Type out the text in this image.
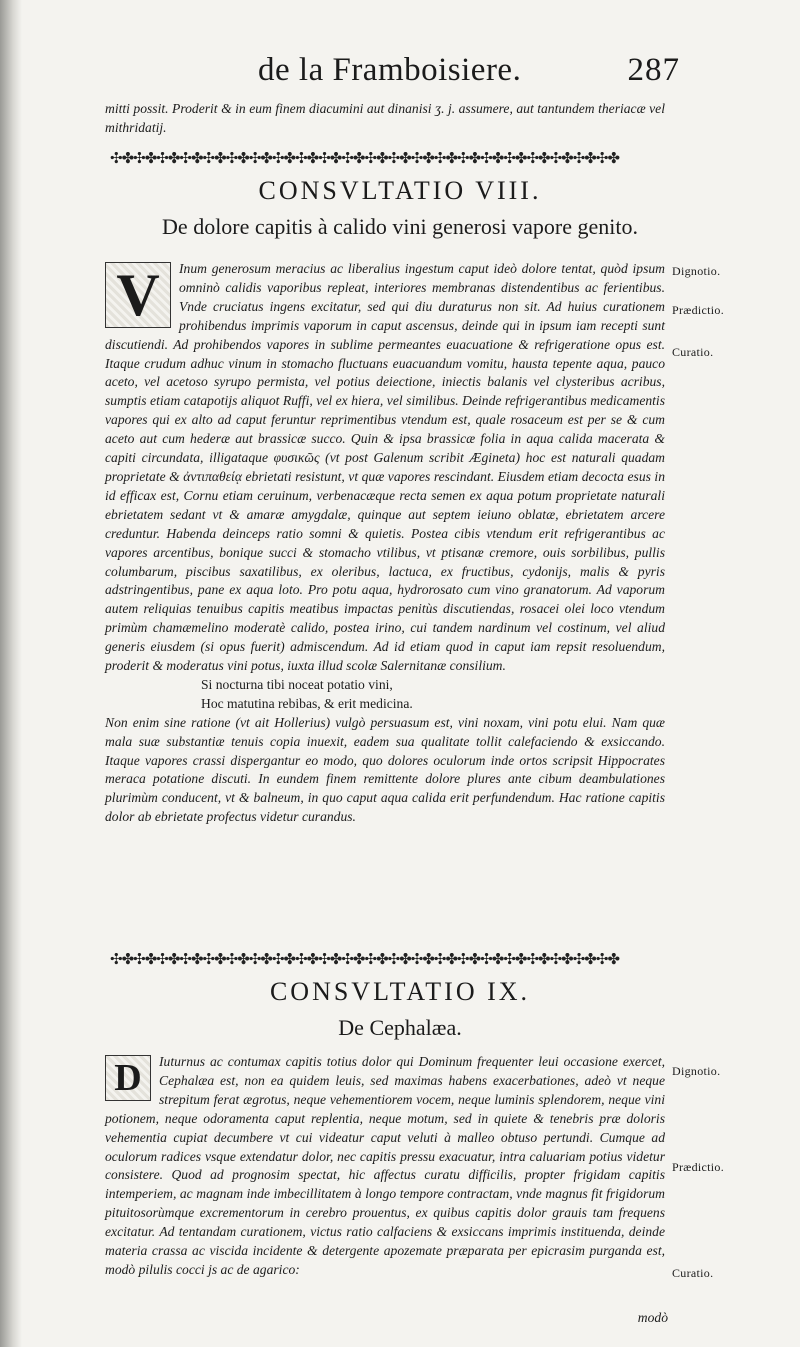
de la Framboisiere.	287

mitti possit. Proderit & in eum finem diacumini aut dinanisi ʒ. j. assumere, aut tantundem theriacæ vel mithridatij.

✣✤✣✤✣✤✣✤✣✤✣✤✣✤✣✤✣✤✣✤✣✤✣✤✣✤✣✤✣✤✣✤✣✤✣✤✣✤✣✤✣✤✣✤
CONSVLTATIO VIII.
De dolore capitis à calido vini generosi vapore genito.
V	Inum generosum meracius ac liberalius ingestum caput ideò dolore tentat, quòd ipsum omninò calidis vaporibus repleat, interiores membranas distendentibus ac ferientibus. Vnde cruciatus ingens excitatur, sed qui diu duraturus non sit. Ad huius curationem prohibendus imprimis vaporum in caput ascensus, deinde qui in ipsum iam recepti sunt discutiendi. Ad prohibendos vapores in sublime permeantes euacuatione & refrigeratione opus est. Itaque crudum adhuc vinum in stomacho fluctuans euacuandum vomitu, hausta tepente aqua, pauco aceto, vel acetoso syrupo permista, vel potius deiectione, iniectis balanis vel clysteribus acribus, sumptis etiam catapotijs aliquot Ruffi, vel ex hiera, vel similibus. Deinde refrigerantibus medicamentis vapores qui ex alto ad caput feruntur reprimentibus vtendum est, quale rosaceum est per se & cum aceto aut cum hederæ aut brassicæ succo. Quin & ipsa brassicæ folia in aqua calida macerata & capiti circundata, illigataque φυσικῶς (vt post Galenum scribit Ægineta) hoc est naturali quadam proprietate & ἀντιπαθείᾳ ebrietati resistunt, vt quæ vapores rescindant. Eiusdem etiam decocta esus in id efficax est, Cornu etiam ceruinum, verbenacæque recta semen ex aqua potum proprietate naturali ebrietatem sedant vt & amaræ amygdalæ, quinque aut septem ieiuno oblatæ, ebrietatem arcere creduntur. Habenda deinceps ratio somni & quietis. Postea cibis vtendum erit refrigerantibus ac vapores arcentibus, bonique succi & stomacho vtilibus, vt ptisanæ cremore, ouis sorbilibus, pullis columbarum, piscibus saxatilibus, ex oleribus, lactuca, ex fructibus, cydonijs, malis & pyris adstringentibus, pane ex aqua loto. Pro potu aqua, hydrorosato cum vino granatorum. Ad vaporum autem reliquias tenuibus capitis meatibus impactas penitùs discutiendas, rosacei olei loco vtendum primùm chamæmelino moderatè calido, postea irino, cui tandem nardinum vel costinum, vel aliud generis eiusdem (si opus fuerit) admiscendum. Ad id etiam quod in caput iam repsit resoluendum, proderit & moderatus vini potus, iuxta illud scolæ Salernitanæ consilium.

Si nocturna tibi noceat potatio vini,

Hoc matutina rebibas, & erit medicina.

Non enim sine ratione (vt ait Hollerius) vulgò persuasum est, vini noxam, vini potu elui. Nam quæ mala suæ substantiæ tenuis copia inuexit, eadem sua qualitate tollit calefaciendo & exsiccando. Itaque vapores crassi dispergantur eo modo, quo dolores oculorum inde ortos scripsit Hippocrates meraca potatione discuti. In eundem finem remittente dolore plures ante cibum deambulationes plurimùm conducent, vt & balneum, in quo caput aqua calida erit perfundendum. Hac ratione capitis dolor ab ebrietate profectus videtur curandus.

Dignotio.
Prædictio.
Curatio.
✣✤✣✤✣✤✣✤✣✤✣✤✣✤✣✤✣✤✣✤✣✤✣✤✣✤✣✤✣✤✣✤✣✤✣✤✣✤✣✤✣✤✣✤
CONSVLTATIO IX.
De Cephalæa.
D	Iuturnus ac contumax capitis totius dolor qui Dominum frequenter leui occasione exercet, Cephalæa est, non ea quidem leuis, sed maximas habens exacerbationes, adeò vt neque strepitum ferat ægrotus, neque vehementiorem vocem, neque luminis splendorem, neque vini potionem, neque odoramenta caput replentia, neque motum, sed in quiete & tenebris præ doloris vehementia cupiat decumbere vt cui videatur caput veluti à malleo obtuso pertundi. Cumque ad oculorum radices vsque extendatur dolor, nec capitis pressu exacuatur, intra caluariam potius videtur consistere. Quod ad prognosim spectat, hic affectus curatu difficilis, propter frigidam capitis intemperiem, ac magnam inde imbecillitatem à longo tempore contractam, vnde magnus fit frigidorum pituitosorùmque excrementorum in cerebro prouentus, ex quibus capitis dolor grauis tam frequens excitatur. Ad tentandam curationem, victus ratio calfaciens & exsiccans imprimis instituenda, deinde materia crassa ac viscida incidente & detergente apozemate præparata per epicrasim purganda est, modò pilulis cocci js ac de agarico:

Dignotio.
Prædictio.
Curatio.
modò
